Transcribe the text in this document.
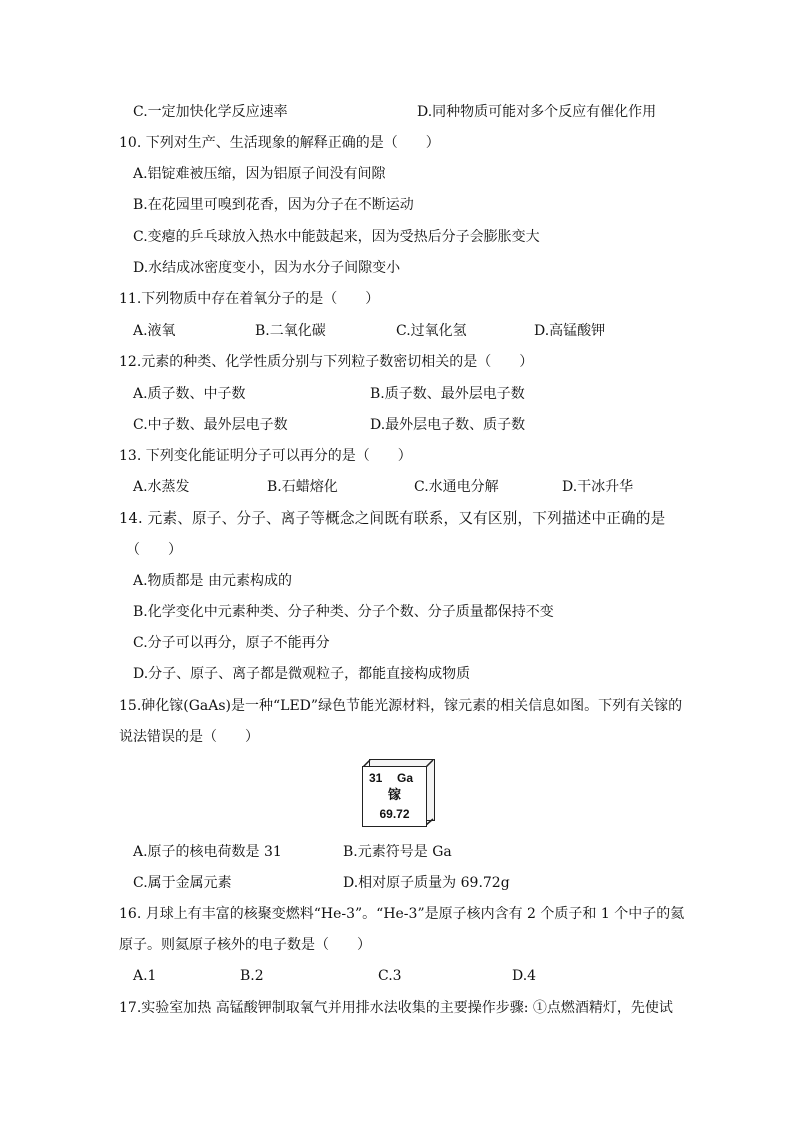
C.一定加快化学反应速率	D.同种物质可能对多个反应有催化作用
10. 下列对生产、生活现象的解释正确的是（　　）
A.铝锭难被压缩，因为铝原子间没有间隙
B.在花园里可嗅到花香，因为分子在不断运动
C.变瘪的乒乓球放入热水中能鼓起来，因为受热后分子会膨胀变大
D.水结成冰密度变小，因为水分子间隙变小
11.下列物质中存在着氧分子的是（　　）
A.液氧	B.二氧化碳	C.过氧化氢	D.高锰酸钾
12.元素的种类、化学性质分别与下列粒子数密切相关的是（　　）
A.质子数、中子数	B.质子数、最外层电子数
C.中子数、最外层电子数	D.最外层电子数、质子数
13. 下列变化能证明分子可以再分的是（　　）
A.水蒸发	B.石蜡熔化	C.水通电分解	D.干冰升华
14. 元素、原子、分子、离子等概念之间既有联系，又有区别，下列描述中正确的是
（　　）
A.物质都是 由元素构成的
B.化学变化中元素种类、分子种类、分子个数、分子质量都保持不变
C.分子可以再分，原子不能再分
D.分子、原子、离子都是微观粒子，都能直接构成物质
15.砷化镓(GaAs)是一种“LED”绿色节能光源材料，镓元素的相关信息如图。下列有关镓的
说法错误的是（　　）
31 Ga
镓
69.72
A.原子的核电荷数是 31	B.元素符号是 Ga
C.属于金属元素	D.相对原子质量为 69.72g
16. 月球上有丰富的核聚变燃料“He-3”。“He-3”是原子核内含有 2 个质子和 1 个中子的氦
原子。则氦原子核外的电子数是（　　）
A.1	B.2	C.3	D.4
17.实验室加热 高锰酸钾制取氧气并用排水法收集的主要操作步骤: ①点燃酒精灯，先使试
